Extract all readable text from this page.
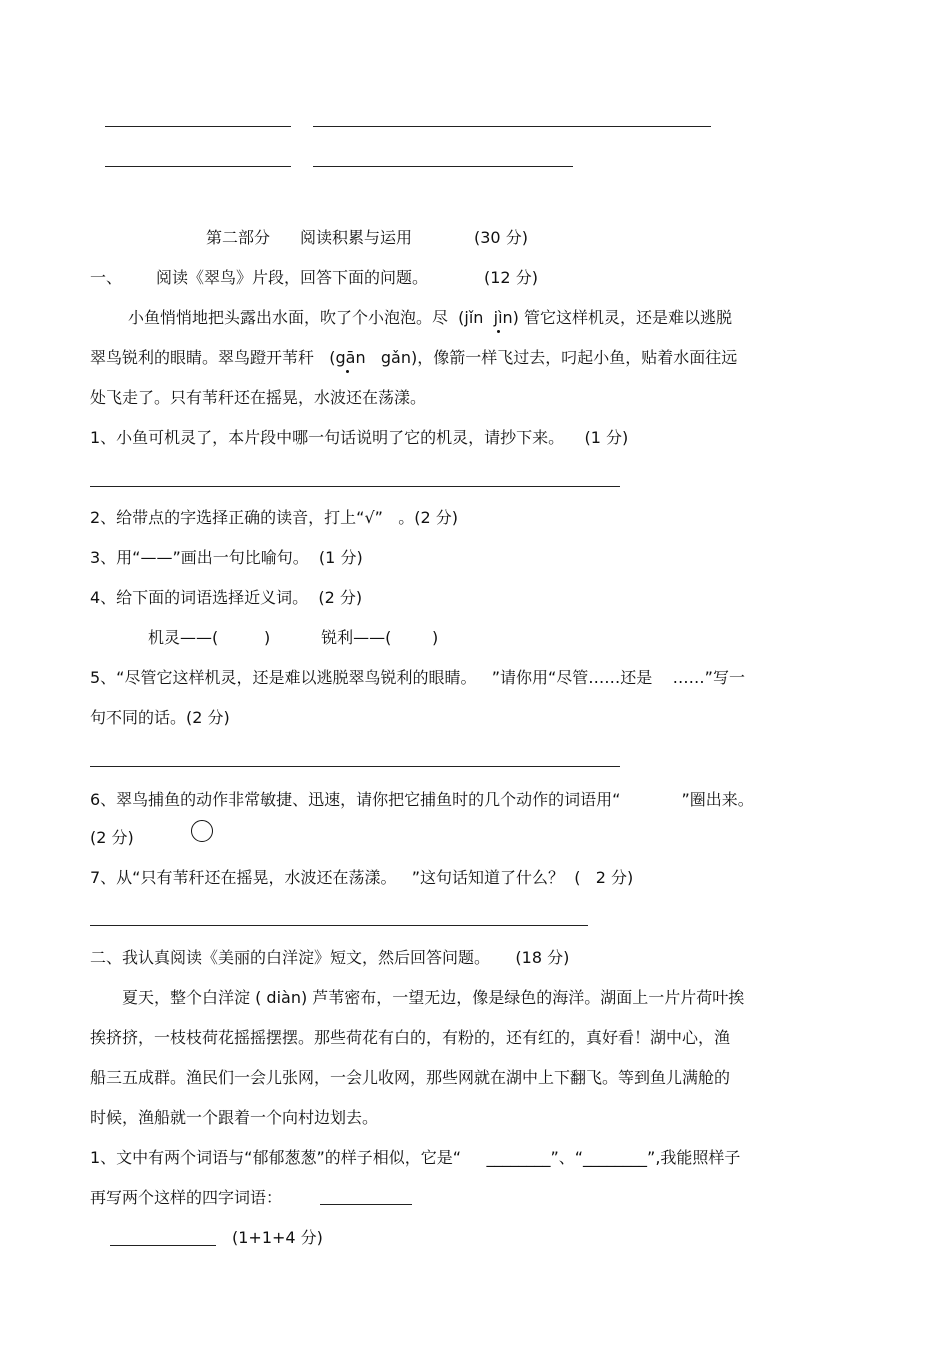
第二部分 阅读积累与运用	(30 分)
一、 阅读《翠鸟》片段，回答下面的问题。	(12 分)
小鱼悄悄地把头露出水面，吹了个小泡泡。尽  (jǐn  jìn) 管它这样机灵，还是难以逃脱
翠鸟锐利的眼睛。翠鸟蹬开苇秆   (gān   gǎn)，像箭一样飞过去，叼起小鱼，贴着水面往远
处飞走了。只有苇秆还在摇晃，水波还在荡漾。
1、小鱼可机灵了，本片段中哪一句话说明了它的机灵，请抄下来。    (1 分)
2、给带点的字选择正确的读音，打上“√”   。(2 分)
3、用“——”画出一句比喻句。  (1 分)
4、给下面的词语选择近义词。  (2 分)
机灵——(         )          锐利——(        )
5、“尽管它这样机灵，还是难以逃脱翠鸟锐利的眼睛。   ”请你用“尽管……还是    ……”写一
句不同的话。(2 分)
6、翠鸟捕鱼的动作非常敏捷、迅速，请你把它捕鱼时的几个动作的词语用“            ”圈出来。
(2 分)
7、从“只有苇秆还在摇晃，水波还在荡漾。   ”这句话知道了什么？  (   2 分)
二、我认真阅读《美丽的白洋淀》短文，然后回答问题。     (18 分)
夏天，整个白洋淀 ( diàn) 芦苇密布，一望无边，像是绿色的海洋。湖面上一片片荷叶挨
挨挤挤，一枝枝荷花摇摇摆摆。那些荷花有白的，有粉的，还有红的，真好看！湖中心，渔
船三五成群。渔民们一会儿张网，一会儿收网，那些网就在湖中上下翻飞。等到鱼儿满舱的
时候，渔船就一个跟着一个向村边划去。
1、文中有两个词语与“郁郁葱葱”的样子相似，它是“     ________”、“________”,我能照样子
再写两个这样的四字词语：
(1+1+4 分)
